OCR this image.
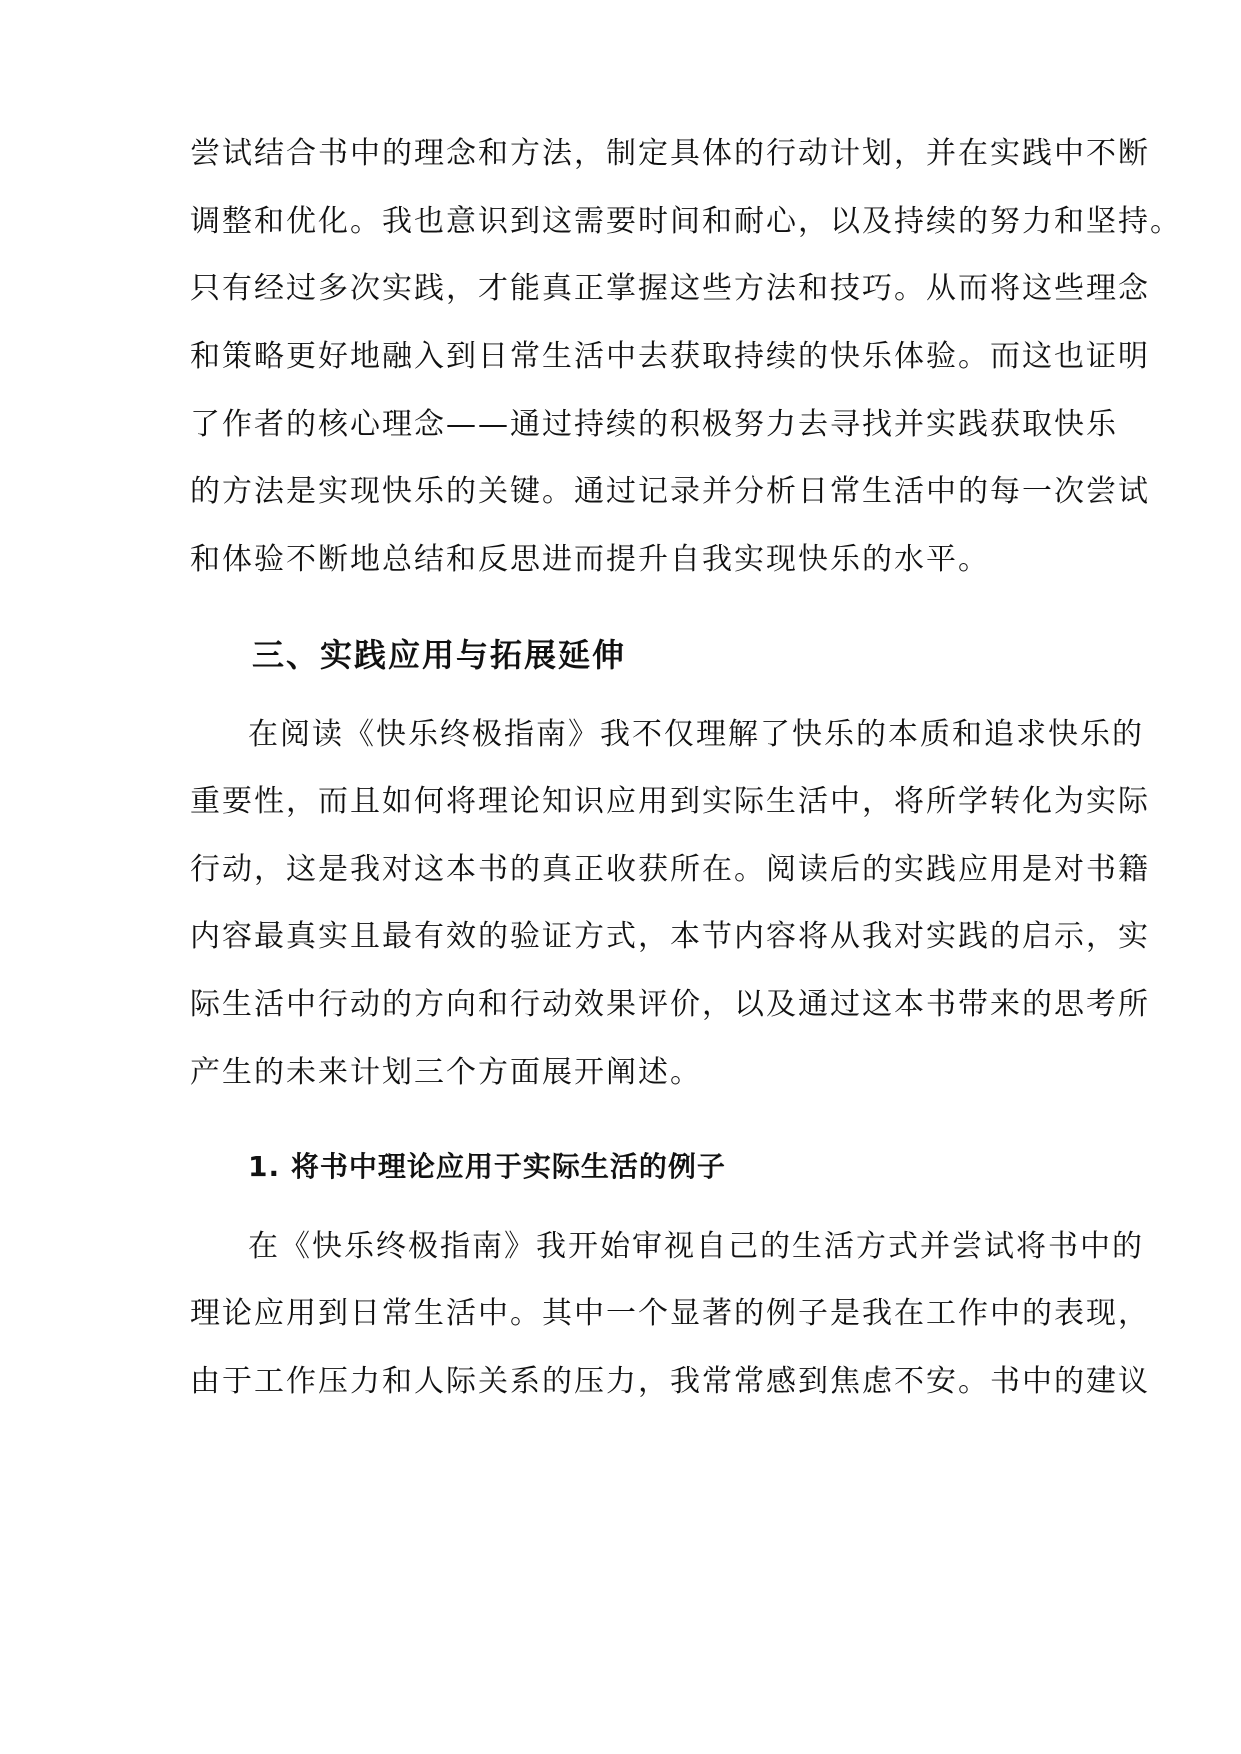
尝试结合书中的理念和方法，制定具体的行动计划，并在实践中不断
调整和优化。我也意识到这需要时间和耐心，以及持续的努力和坚持。
只有经过多次实践，才能真正掌握这些方法和技巧。从而将这些理念
和策略更好地融入到日常生活中去获取持续的快乐体验。而这也证明
了作者的核心理念——通过持续的积极努力去寻找并实践获取快乐
的方法是实现快乐的关键。通过记录并分析日常生活中的每一次尝试
和体验不断地总结和反思进而提升自我实现快乐的水平。
三、实践应用与拓展延伸
在阅读《快乐终极指南》我不仅理解了快乐的本质和追求快乐的
重要性，而且如何将理论知识应用到实际生活中，将所学转化为实际
行动，这是我对这本书的真正收获所在。阅读后的实践应用是对书籍
内容最真实且最有效的验证方式，本节内容将从我对实践的启示，实
际生活中行动的方向和行动效果评价，以及通过这本书带来的思考所
产生的未来计划三个方面展开阐述。
1. 将书中理论应用于实际生活的例子
在《快乐终极指南》我开始审视自己的生活方式并尝试将书中的
理论应用到日常生活中。其中一个显著的例子是我在工作中的表现，
由于工作压力和人际关系的压力，我常常感到焦虑不安。书中的建议
